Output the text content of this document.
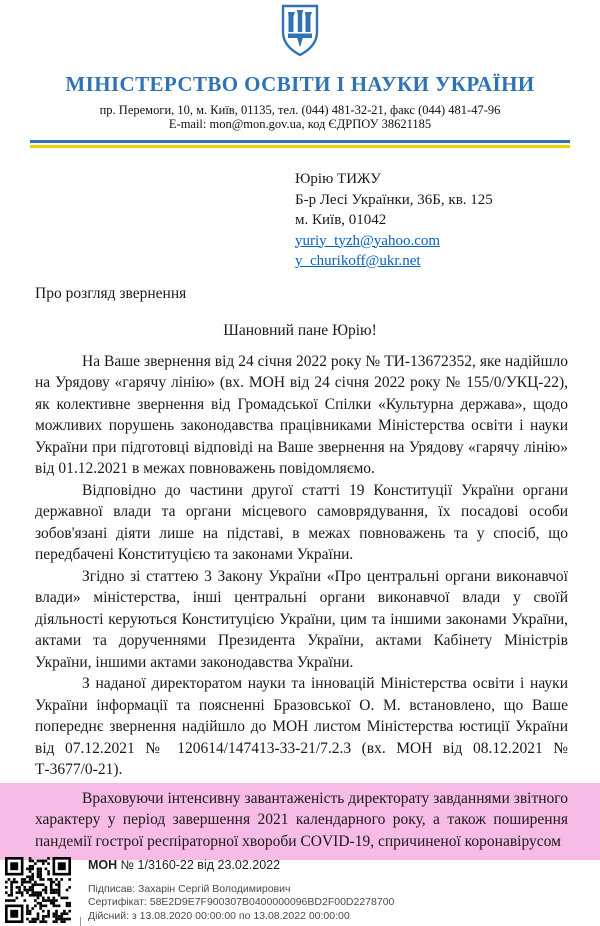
МІНІСТЕРСТВО ОСВІТИ І НАУКИ УКРАЇНИ
пр. Перемоги, 10, м. Київ, 01135, тел. (044) 481-32-21, факс (044) 481-47-96
E-mail: mon@mon.gov.ua, код ЄДРПОУ 38621185
Юрію ТИЖУ
Б-р Лесі Українки, 36Б, кв. 125
м. Київ, 01042
yuriy_tyzh@yahoo.com
y_churikoff@ukr.net
Про розгляд звернення
Шановний пане Юрію!

На Ваше звернення від 24 січня 2022 року № ТИ-13672352, яке надійшло на Урядову «гарячу лінію» (вх. МОН від 24 січня 2022 року № 155/0/УКЦ-22), як колективне звернення від Громадської Спілки «Культурна держава», щодо можливих порушень законодавства працівниками Міністерства освіти і науки України при підготовці відповіді на Ваше звернення на Урядову «гарячу лінію» від 01.12.2021 в межах повноважень повідомляємо.

Відповідно до частини другої статті 19 Конституції України органи державної влади та органи місцевого самоврядування, їх посадові особи зобов'язані діяти лише на підставі, в межах повноважень та у спосіб, що передбачені Конституцією та законами України.

Згідно зі статтею 3 Закону України «Про центральні органи виконавчої влади» міністерства, інші центральні органи виконавчої влади у своїй діяльності керуються Конституцією України, цим та іншими законами України, актами та дорученнями Президента України, актами Кабінету Міністрів України, іншими актами законодавства України.

З наданої директоратом науки та інновацій Міністерства освіти і науки України інформації та поясненні Бразовської О. М. встановлено, що Ваше попереднє звернення надійшло до МОН листом Міністерства юстиції України від 07.12.2021 № 120614/147413-33-21/7.2.3 (вх. МОН від 08.12.2021 № Т-3677/0-21).

Враховуючи інтенсивну завантаженість директорату завданнями звітного характеру у період завершення 2021 календарного року, а також поширення пандемії гострої респіраторної хвороби COVID-19, спричиненої коронавірусом

МОН № 1/3160-22 від 23.02.2022
Підписав: Захарін Сергій Володимирович
Сертифікат: 58E2D9E7F900307B0400000096BD2F00D2278700
Дійсний: з 13.08.2020 00:00:00 по 13.08.2022 00:00:00
